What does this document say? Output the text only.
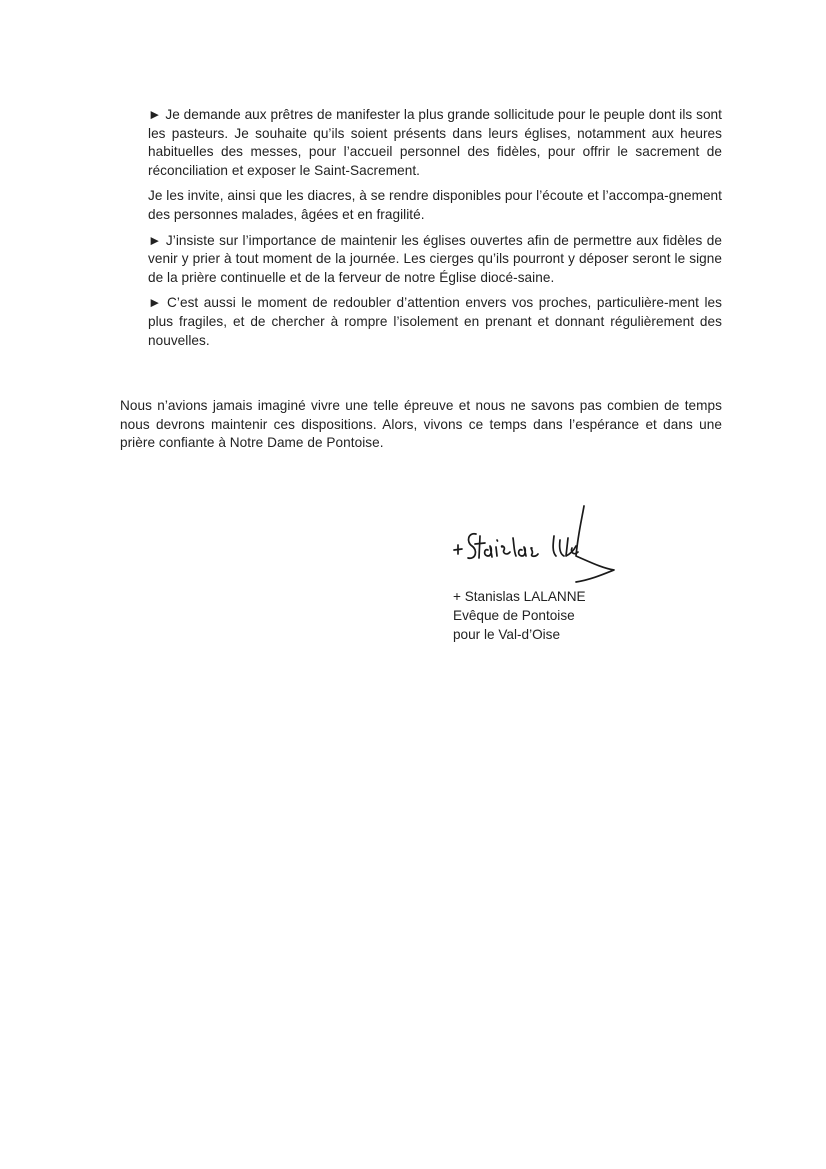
► Je demande aux prêtres de manifester la plus grande sollicitude pour le peuple dont ils sont les pasteurs. Je souhaite qu’ils soient présents dans leurs églises, notamment aux heures habituelles des messes, pour l’accueil personnel des fidèles, pour offrir le sacrement de réconciliation et exposer le Saint-Sacrement.

Je les invite, ainsi que les diacres, à se rendre disponibles pour l’écoute et l’accompa-gnement des personnes malades, âgées et en fragilité.

► J’insiste sur l’importance de maintenir les églises ouvertes afin de permettre aux fidèles de venir y prier à tout moment de la journée. Les cierges qu’ils pourront y déposer seront le signe de la prière continuelle et de la ferveur de notre Église diocé-saine.

► C’est aussi le moment de redoubler d’attention envers vos proches, particulière-ment les plus fragiles, et de chercher à rompre l’isolement en prenant et donnant régulièrement des nouvelles.

Nous n’avions jamais imaginé vivre une telle épreuve et nous ne savons pas combien de temps nous devrons maintenir ces dispositions. Alors, vivons ce temps dans l’espérance et dans une prière confiante à Notre Dame de Pontoise.

+ Stanislas LALANNE
Evêque de Pontoise
pour le Val-d’Oise
